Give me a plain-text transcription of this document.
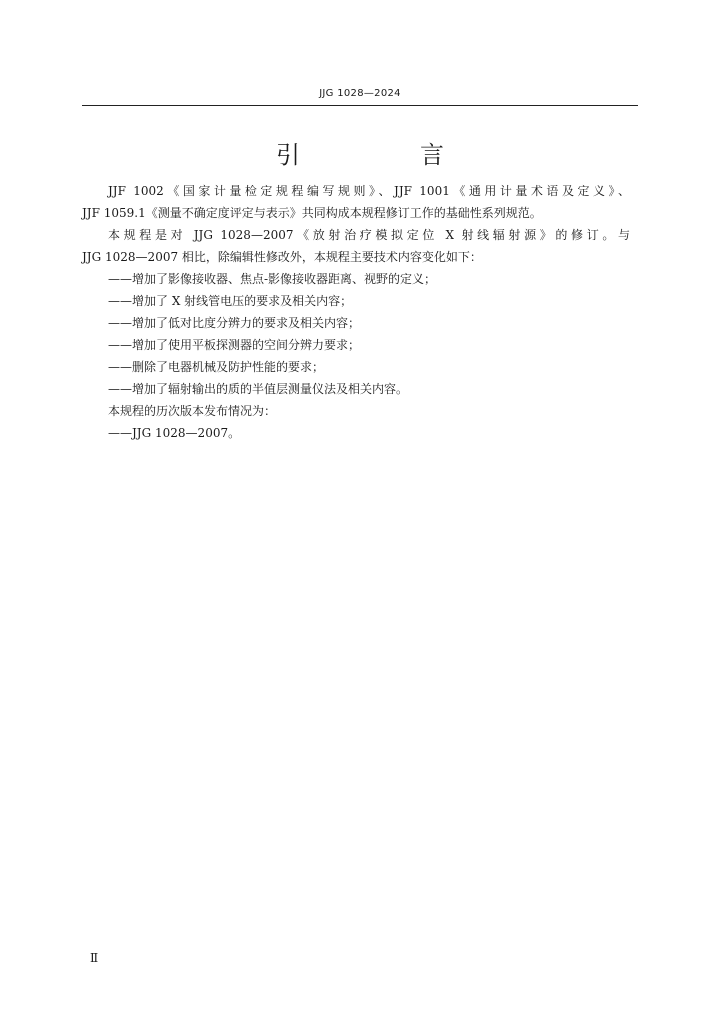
JJG 1028—2024
引　言
JJF 1002《国家计量检定规程编写规则》、JJF 1001《通用计量术语及定义》、
JJF 1059.1《测量不确定度评定与表示》共同构成本规程修订工作的基础性系列规范。
本规程是对 JJG 1028—2007《放射治疗模拟定位 X 射线辐射源》的修订。与
JJG 1028—2007 相比，除编辑性修改外，本规程主要技术内容变化如下：
——增加了影像接收器、焦点-影像接收器距离、视野的定义；
——增加了 X 射线管电压的要求及相关内容；
——增加了低对比度分辨力的要求及相关内容；
——增加了使用平板探测器的空间分辨力要求；
——删除了电器机械及防护性能的要求；
——增加了辐射输出的质的半值层测量仪法及相关内容。
本规程的历次版本发布情况为：
——JJG 1028—2007。
Ⅱ
